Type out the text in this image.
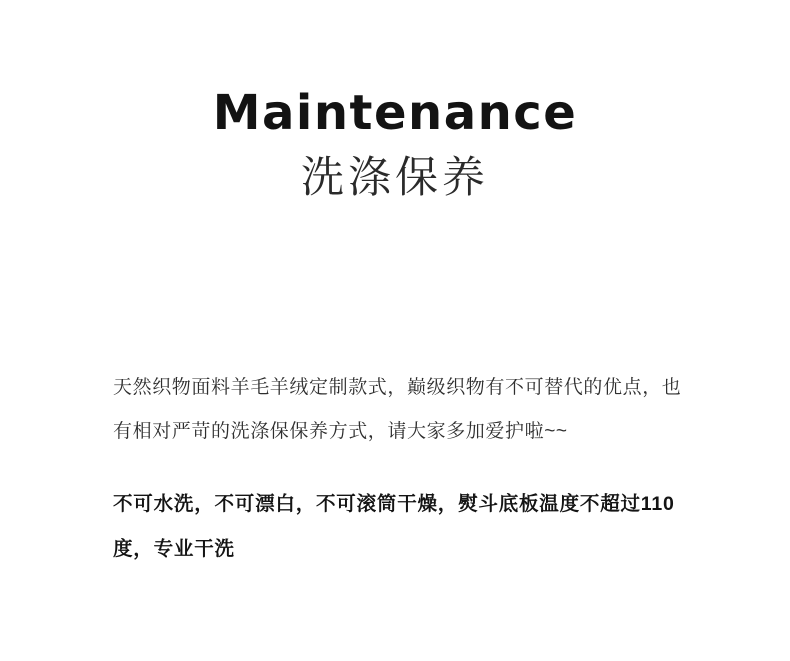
Maintenance
洗涤保养

天然织物面料羊毛羊绒定制款式，巅级织物有不可替代的优点，也有相对严苛的洗涤保保养方式，请大家多加爱护啦~~

不可水洗，不可漂白，不可滚筒干燥，熨斗底板温度不超过110度，专业干洗
